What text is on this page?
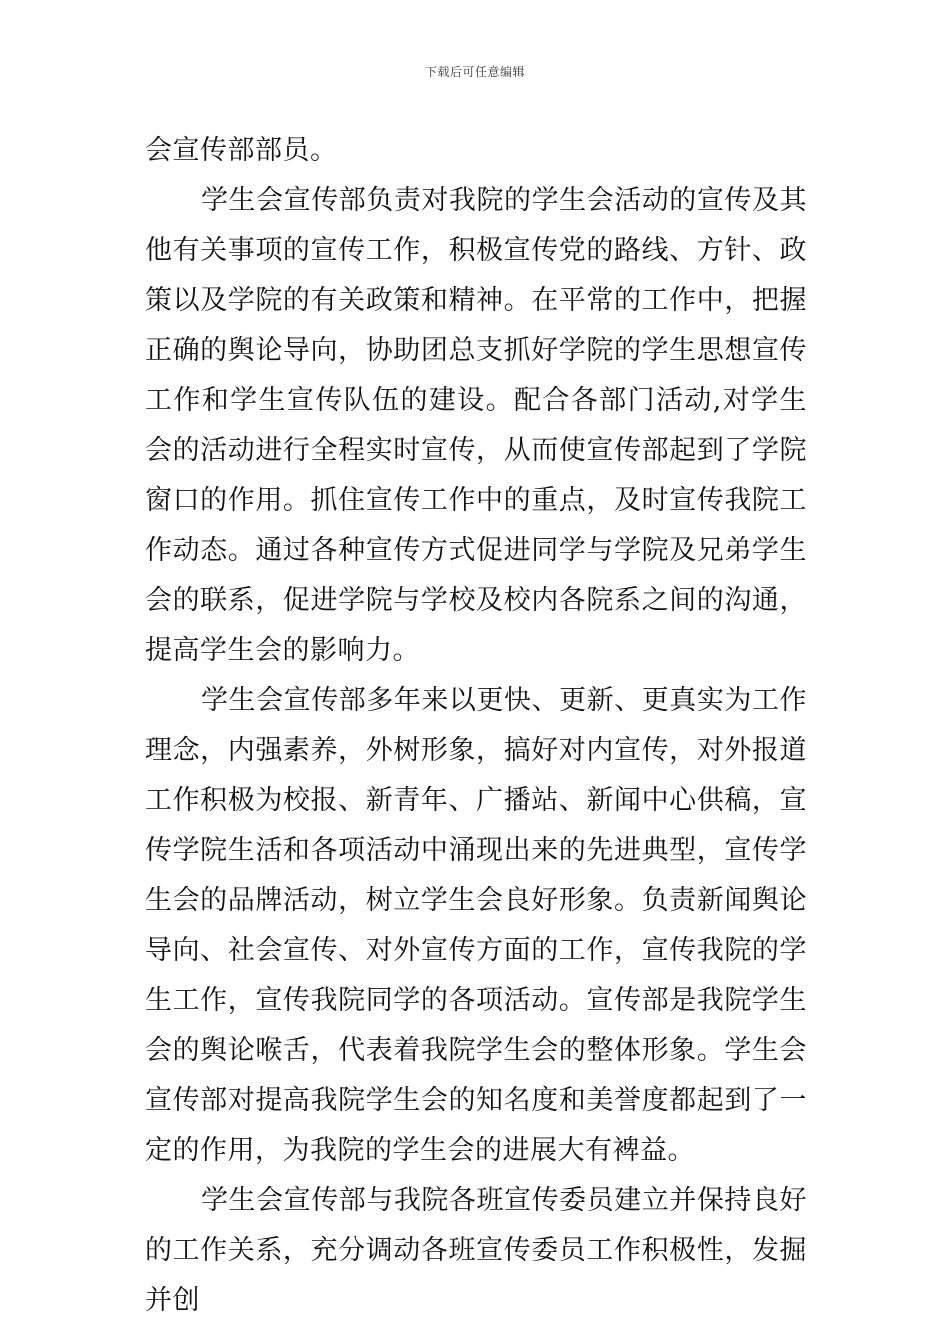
下载后可任意编辑

会宣传部部员。

学生会宣传部负责对我院的学生会活动的宣传及其他有关事项的宣传工作，积极宣传党的路线、方针、政策以及学院的有关政策和精神。在平常的工作中，把握正确的舆论导向，协助团总支抓好学院的学生思想宣传工作和学生宣传队伍的建设。配合各部门活动,对学生会的活动进行全程实时宣传，从而使宣传部起到了学院窗口的作用。抓住宣传工作中的重点，及时宣传我院工作动态。通过各种宣传方式促进同学与学院及兄弟学生会的联系，促进学院与学校及校内各院系之间的沟通，提高学生会的影响力。

学生会宣传部多年来以更快、更新、更真实为工作理念，内强素养，外树形象，搞好对内宣传，对外报道工作积极为校报、新青年、广播站、新闻中心供稿，宣传学院生活和各项活动中涌现出来的先进典型，宣传学生会的品牌活动，树立学生会良好形象。负责新闻舆论导向、社会宣传、对外宣传方面的工作，宣传我院的学生工作，宣传我院同学的各项活动。宣传部是我院学生会的舆论喉舌，代表着我院学生会的整体形象。学生会宣传部对提高我院学生会的知名度和美誉度都起到了一定的作用，为我院的学生会的进展大有裨益。

学生会宣传部与我院各班宣传委员建立并保持良好的工作关系，充分调动各班宣传委员工作积极性，发掘并创
